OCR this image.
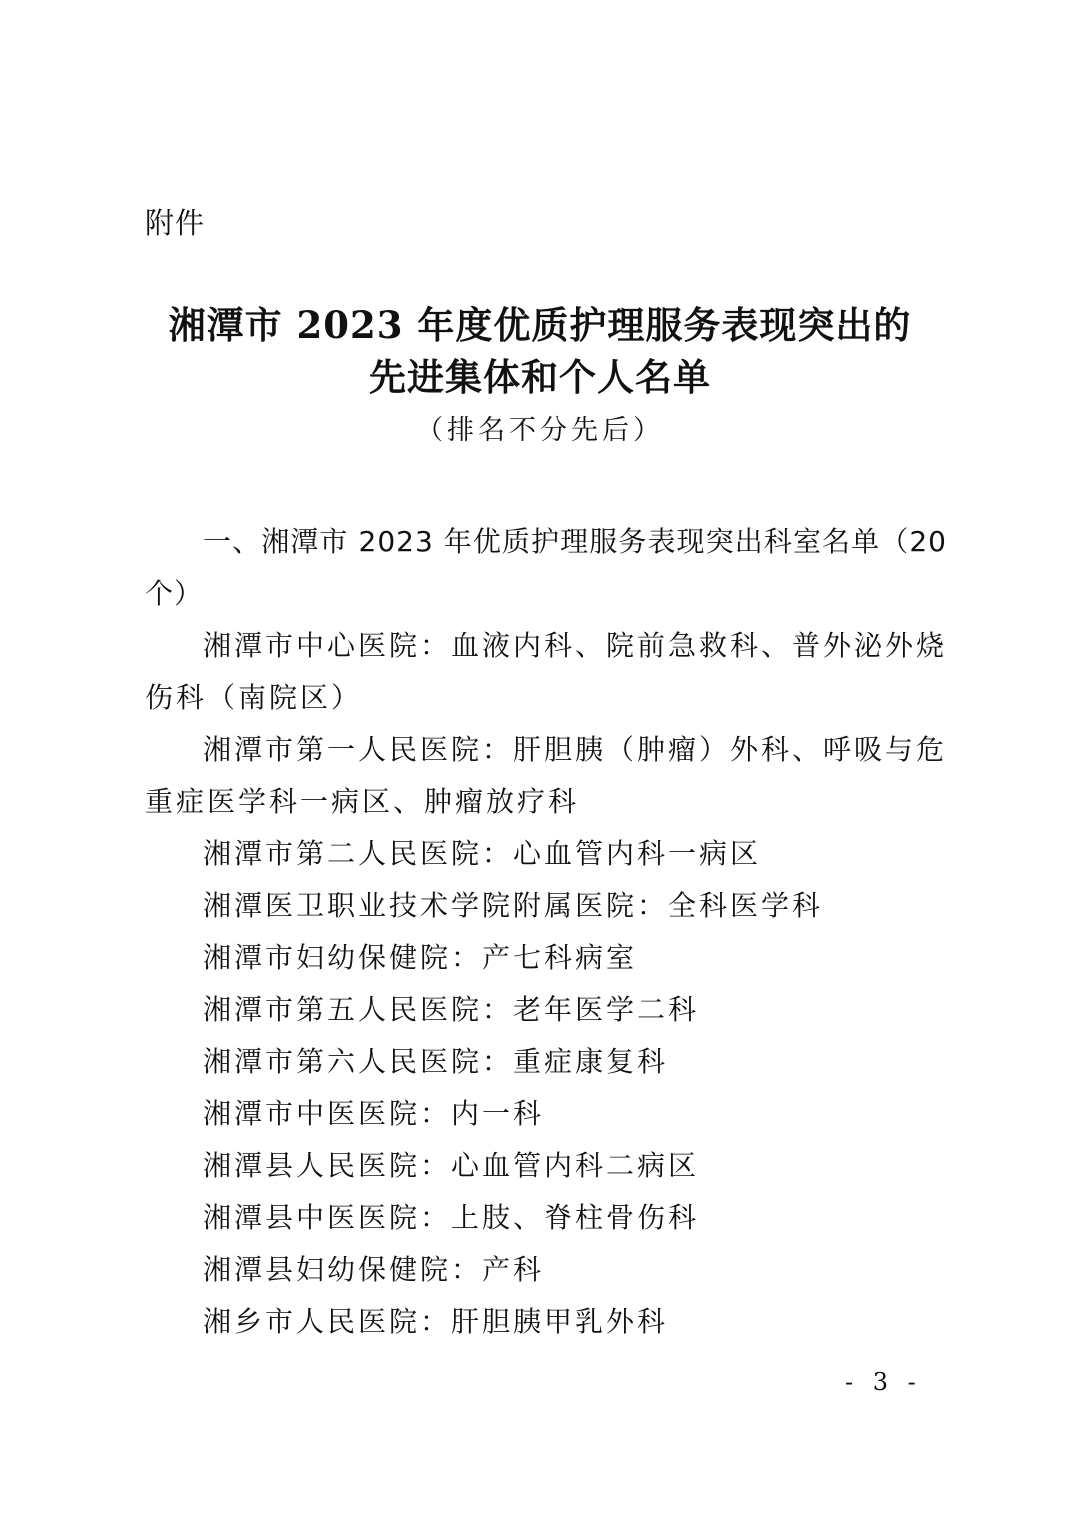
附件
湘潭市 2023 年度优质护理服务表现突出的
先进集体和个人名单
（排名不分先后）
一、湘潭市 2023 年优质护理服务表现突出科室名单（20个）

湘潭市中心医院：血液内科、院前急救科、普外泌外烧伤科（南院区）

湘潭市第一人民医院：肝胆胰（肿瘤）外科、呼吸与危重症医学科一病区、肿瘤放疗科

湘潭市第二人民医院：心血管内科一病区

湘潭医卫职业技术学院附属医院：全科医学科

湘潭市妇幼保健院：产七科病室

湘潭市第五人民医院：老年医学二科

湘潭市第六人民医院：重症康复科

湘潭市中医医院：内一科

湘潭县人民医院：心血管内科二病区

湘潭县中医医院：上肢、脊柱骨伤科

湘潭县妇幼保健院：产科

湘乡市人民医院：肝胆胰甲乳外科

- 3 -
